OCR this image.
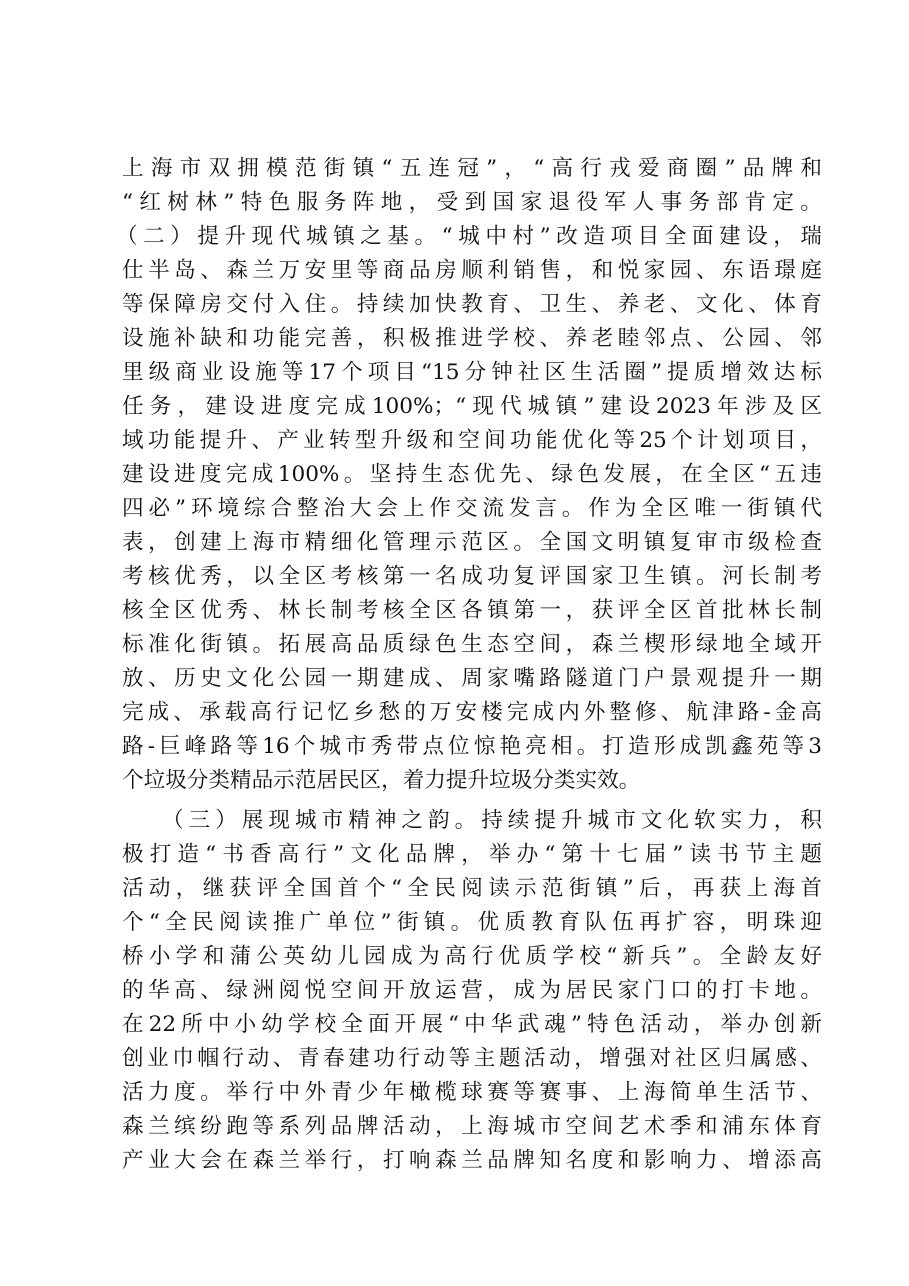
上海市双拥模范街镇“五连冠”，“高行戎爱商圈”品牌和
“红树林”特色服务阵地，受到国家退役军人事务部肯定。

（二）提升现代城镇之基。“城中村”改造项目全面建设，瑞
仕半岛、森兰万安里等商品房顺利销售，和悦家园、东语璟庭
等保障房交付入住。持续加快教育、卫生、养老、文化、体育
设施补缺和功能完善，积极推进学校、养老睦邻点、公园、邻
里级商业设施等17个项目“15分钟社区生活圈”提质增效达标
任务，建设进度完成100%；“现代城镇”建设2023年涉及区
域功能提升、产业转型升级和空间功能优化等25个计划项目，
建设进度完成100%。坚持生态优先、绿色发展，在全区“五违
四必”环境综合整治大会上作交流发言。作为全区唯一街镇代
表，创建上海市精细化管理示范区。全国文明镇复审市级检查
考核优秀，以全区考核第一名成功复评国家卫生镇。河长制考
核全区优秀、林长制考核全区各镇第一，获评全区首批林长制
标准化街镇。拓展高品质绿色生态空间，森兰楔形绿地全域开
放、历史文化公园一期建成、周家嘴路隧道门户景观提升一期
完成、承载高行记忆乡愁的万安楼完成内外整修、航津路-金高
路-巨峰路等16个城市秀带点位惊艳亮相。打造形成凯鑫苑等3
个垃圾分类精品示范居民区，着力提升垃圾分类实效。

（三）展现城市精神之韵。持续提升城市文化软实力，积
极打造“书香高行”文化品牌，举办“第十七届”读书节主题
活动，继获评全国首个“全民阅读示范街镇”后，再获上海首
个“全民阅读推广单位”街镇。优质教育队伍再扩容，明珠迎
桥小学和蒲公英幼儿园成为高行优质学校“新兵”。全龄友好
的华高、绿洲阅悦空间开放运营，成为居民家门口的打卡地。
在22所中小幼学校全面开展“中华武魂”特色活动，举办创新
创业巾帼行动、青春建功行动等主题活动，增强对社区归属感、
活力度。举行中外青少年橄榄球赛等赛事、上海简单生活节、
森兰缤纷跑等系列品牌活动，上海城市空间艺术季和浦东体育
产业大会在森兰举行，打响森兰品牌知名度和影响力、增添高
